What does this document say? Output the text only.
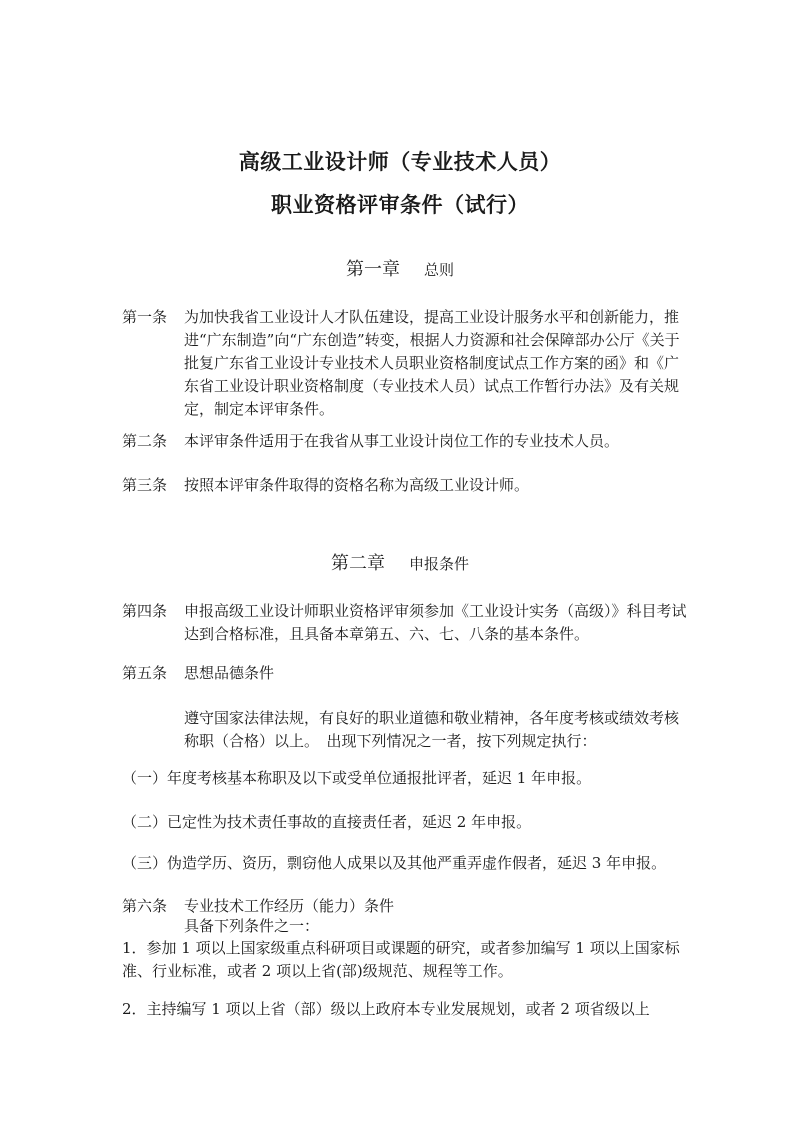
高级工业设计师（专业技术人员）
职业资格评审条件（试行）
第一章 总则
第一条	为加快我省工业设计人才队伍建设，提高工业设计服务水平和创新能力，推进“广东制造”向“广东创造”转变，根据人力资源和社会保障部办公厅《关于批复广东省工业设计专业技术人员职业资格制度试点工作方案的函》和《广东省工业设计职业资格制度（专业技术人员）试点工作暂行办法》及有关规定，制定本评审条件。
第二条	本评审条件适用于在我省从事工业设计岗位工作的专业技术人员。
第三条	按照本评审条件取得的资格名称为高级工业设计师。
第二章 申报条件
第四条	申报高级工业设计师职业资格评审须参加《工业设计实务（高级）》科目考试达到合格标准，且具备本章第五、六、七、八条的基本条件。
第五条	思想品德条件
遵守国家法律法规，有良好的职业道德和敬业精神，各年度考核或绩效考核称职（合格）以上。　出现下列情况之一者，按下列规定执行：
（一）年度考核基本称职及以下或受单位通报批评者，延迟 1 年申报。
（二）已定性为技术责任事故的直接责任者，延迟 2 年申报。
（三）伪造学历、资历，剽窃他人成果以及其他严重弄虚作假者，延迟 3 年申报。
第六条	专业技术工作经历（能力）条件
具备下列条件之一：
1．参加 1 项以上国家级重点科研项目或课题的研究，或者参加编写 1 项以上国家标准、行业标准，或者 2 项以上省(部)级规范、规程等工作。
2．主持编写 1 项以上省（部）级以上政府本专业发展规划，或者 2 项省级以上
